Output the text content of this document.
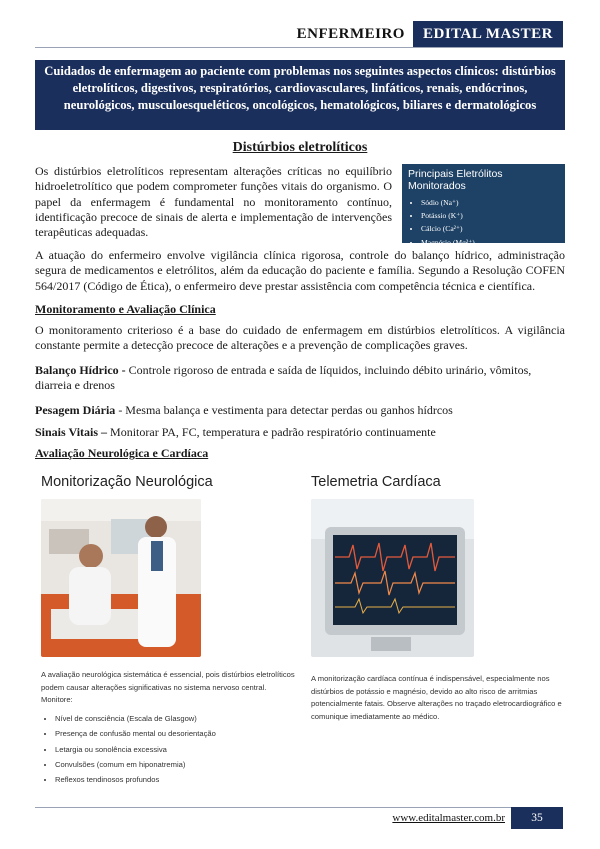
ENFERMEIRO	EDITAL MASTER
Cuidados de enfermagem ao paciente com problemas nos seguintes aspectos clínicos: distúrbios eletrolíticos, digestivos, respiratórios, cardiovasculares, linfáticos, renais, endócrinos, neurológicos, musculoesqueléticos, oncológicos, hematológicos, biliares e dermatológicos
Distúrbios eletrolíticos

Os distúrbios eletrolíticos representam alterações críticas no equilíbrio hidroeletrolítico que podem comprometer funções vitais do organismo. O papel da enfermagem é fundamental no monitoramento contínuo, identificação precoce de sinais de alerta e implementação de intervenções terapêuticas adequadas.

Principais Eletrólitos Monitorados
• Sódio (Na⁺)
• Potássio (K⁺)
• Cálcio (Ca²⁺)
• Magnésio (Mg²⁺)

A atuação do enfermeiro envolve vigilância clínica rigorosa, controle do balanço hídrico, administração segura de medicamentos e eletrólitos, além da educação do paciente e família. Segundo a Resolução COFEN 564/2017 (Código de Ética), o enfermeiro deve prestar assistência com competência técnica e científica.

Monitoramento e Avaliação Clínica

O monitoramento criterioso é a base do cuidado de enfermagem em distúrbios eletrolíticos. A vigilância constante permite a detecção precoce de alterações e a prevenção de complicações graves.

Balanço Hídrico - Controle rigoroso de entrada e saída de líquidos, incluindo débito urinário, vômitos, diarreia e drenos
Pesagem Diária - Mesma balança e vestimenta para detectar perdas ou ganhos hídrcos
Sinais Vitais – Monitorar PA, FC, temperatura e padrão respiratório continuamente
Avaliação Neurológica e Cardíaca
Monitorização Neurológica

A avaliação neurológica sistemática é essencial, pois distúrbios eletrolíticos podem causar alterações significativas no sistema nervoso central. Monitore:

• Nível de consciência (Escala de Glasgow)
• Presença de confusão mental ou desorientação
• Letargia ou sonolência excessiva
• Convulsões (comum em hiponatremia)
• Reflexos tendinosos profundos
Telemetria Cardíaca

A monitorização cardíaca contínua é indispensável, especialmente nos distúrbios de potássio e magnésio, devido ao alto risco de arritmias potencialmente fatais. Observe alterações no traçado eletrocardiográfico e comunique imediatamente ao médico.

www.editalmaster.com.br	35
